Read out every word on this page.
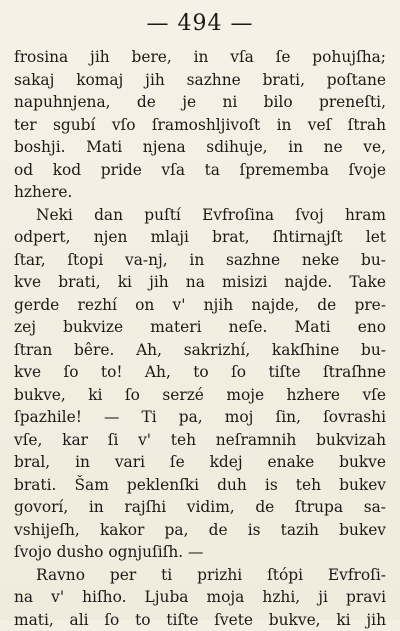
— 494 —
frosina jih bere, in vſa ſe pohujſha;
sakaj komaj jih sazhne brati, poſtane
napuhnjena, de je ni bilo preneſti,
ter sgubí vſo ſramoshljivoſt in veſ ſtrah
boshji. Mati njena sdihuje, in ne ve,
od kod pride vſa ta ſprememba ſvoje
hzhere.
Neki dan puſtí Evfroſina ſvoj hram
odpert, njen mlaji brat, ſhtirnajſt let
ſtar, ſtopi va-nj, in sazhne neke bu-
kve brati, ki jih na misizi najde. Take
gerde rezhí on v' njih najde, de pre-
zej bukvize materi neſe. Mati eno
ſtran bêre. Ah, sakrizhí, kakſhine bu-
kve ſo to! Ah, to ſo tiſte ſtraſhne
bukve, ki ſo serzé moje hzhere vſe
ſpazhile! — Ti pa, moj ſin, ſovrashi
vſe, kar ſi v' teh neſramnih bukvizah
bral, in vari ſe kdej enake bukve
brati. Šam peklenſki duh is teh bukev
govorí, in rajſhi vidim, de ſtrupa sa-
vshijeſh, kakor pa, de is tazih bukev
ſvojo dusho ognjuſiſh. —
Ravno per ti prizhi ſtópi Evfroſi-
na v' hiſho. Ljuba moja hzhi, ji pravi
mati, ali ſo to tiſte ſvete bukve, ki jih
